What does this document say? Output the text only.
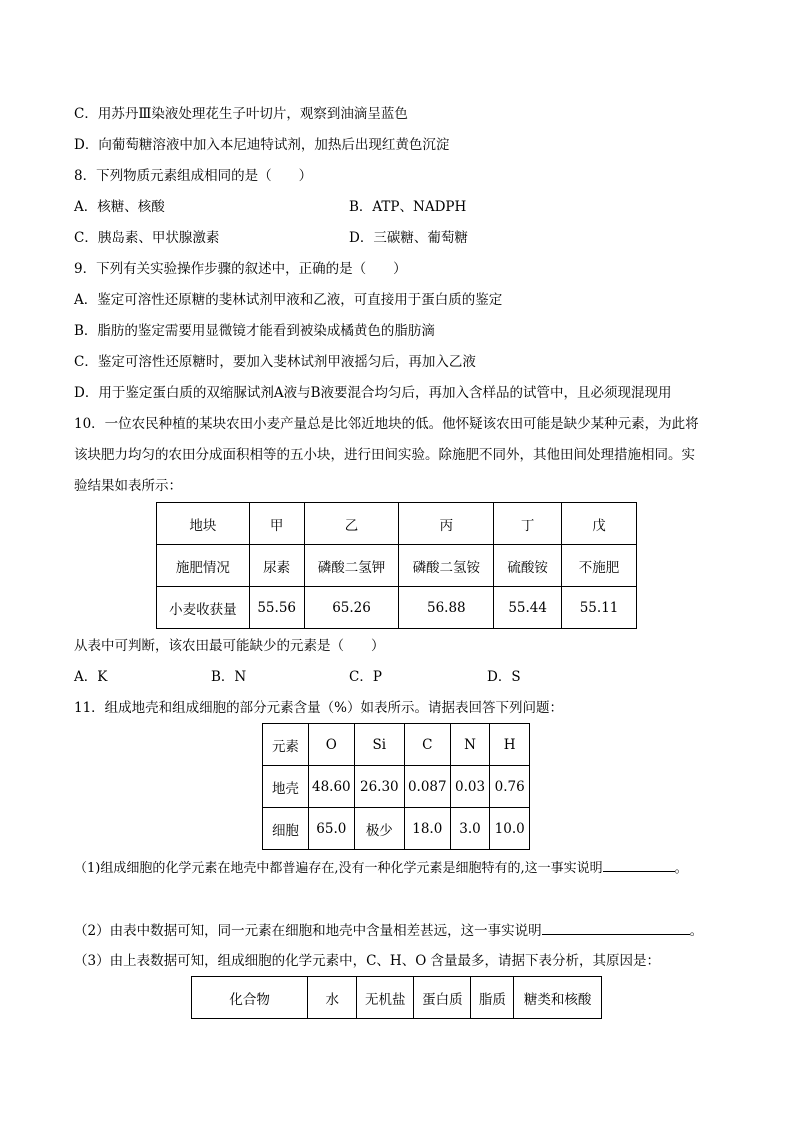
C．用苏丹Ⅲ染液处理花生子叶切片，观察到油滴呈蓝色
D．向葡萄糖溶液中加入本尼迪特试剂，加热后出现红黄色沉淀
8．下列物质元素组成相同的是（　　）
A．核糖、核酸	B．ATP、NADPH
C．胰岛素、甲状腺激素	D．三碳糖、葡萄糖
9．下列有关实验操作步骤的叙述中，正确的是（　　）
A．鉴定可溶性还原糖的斐林试剂甲液和乙液，可直接用于蛋白质的鉴定
B．脂肪的鉴定需要用显微镜才能看到被染成橘黄色的脂肪滴
C．鉴定可溶性还原糖时，要加入斐林试剂甲液摇匀后，再加入乙液
D．用于鉴定蛋白质的双缩脲试剂A液与B液要混合均匀后，再加入含样品的试管中，且必须现混现用
10．一位农民种植的某块农田小麦产量总是比邻近地块的低。他怀疑该农田可能是缺少某种元素，为此将
该块肥力均匀的农田分成面积相等的五小块，进行田间实验。除施肥不同外，其他田间处理措施相同。实
验结果如表所示：
地块	甲	乙	丙	丁	戊
施肥情况	尿素	磷酸二氢钾	磷酸二氢铵	硫酸铵	不施肥
小麦收获量	55.56	65.26	56.88	55.44	55.11
从表中可判断，该农田最可能缺少的元素是（　　）
A．K	B．N	C．P	D．S
11．组成地壳和组成细胞的部分元素含量（%）如表所示。请据表回答下列问题：
元素	O	Si	C	N	H
地壳	48.60	26.30	0.087	0.03	0.76
细胞	65.0	极少	18.0	3.0	10.0
（1)组成细胞的化学元素在地壳中都普遍存在,没有一种化学元素是细胞特有的,这一事实说明	。
（2）由表中数据可知，同一元素在细胞和地壳中含量相差甚远，这一事实说明	。
（3）由上表数据可知，组成细胞的化学元素中，C、H、O 含量最多，请据下表分析，其原因是：
化合物	水	无机盐	蛋白质	脂质	糖类和核酸
